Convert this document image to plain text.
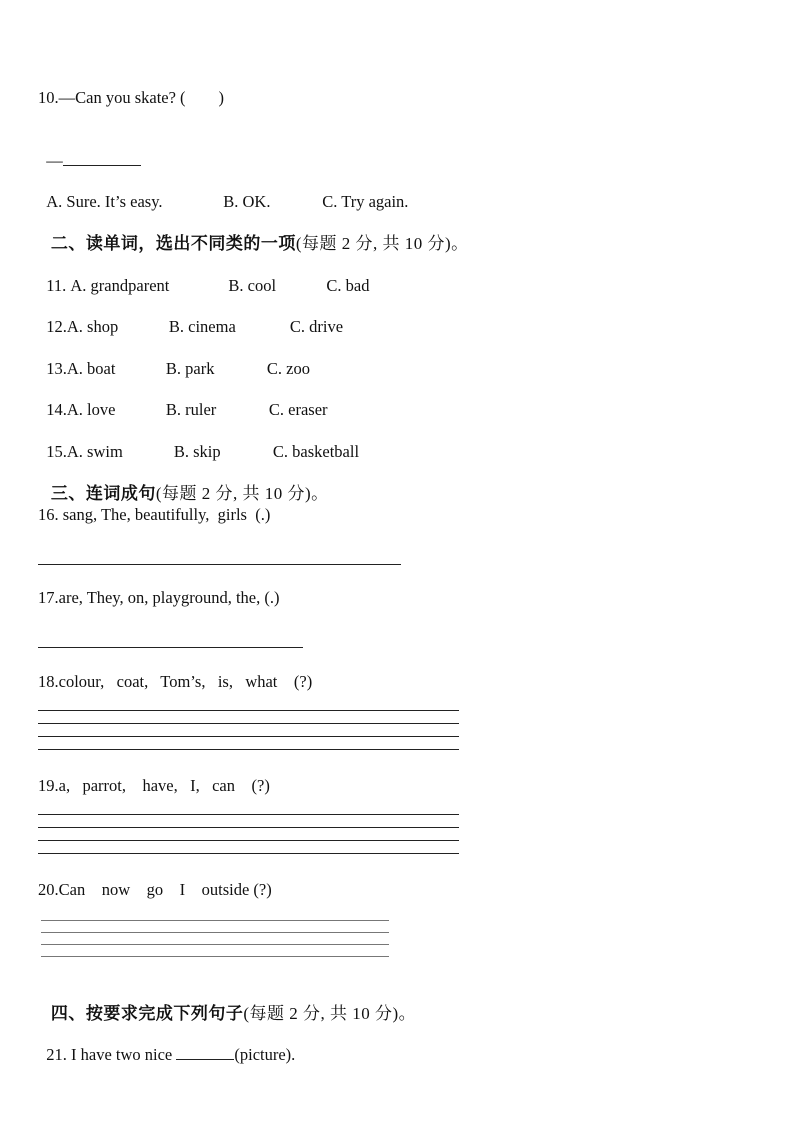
10.—Can you skate? (        )

—

A. Sure. It’s easy.	B. OK.	C. Try again.

二、读单词，选出不同类的一项(每题 2 分, 共 10 分)。

11. A. grandparent	B. cool	C. bad

12.A. shop	B. cinema	C. drive

13.A. boat	B. park	C. zoo

14.A. love	B. ruler	C. eraser

15.A. swim	B. skip	C. basketball

三、连词成句(每题 2 分, 共 10 分)。

16. sang, The, beautifully,  girls  (.)
17.are, They, on, playground, the, (.)
18.colour,   coat,   Tom’s,   is,   what    (?)
19.a,   parrot,    have,   I,   can    (?)
20.Can    now    go    I    outside (?)

四、按要求完成下列句子(每题 2 分, 共 10 分)。

21. I have two nice	(picture).
